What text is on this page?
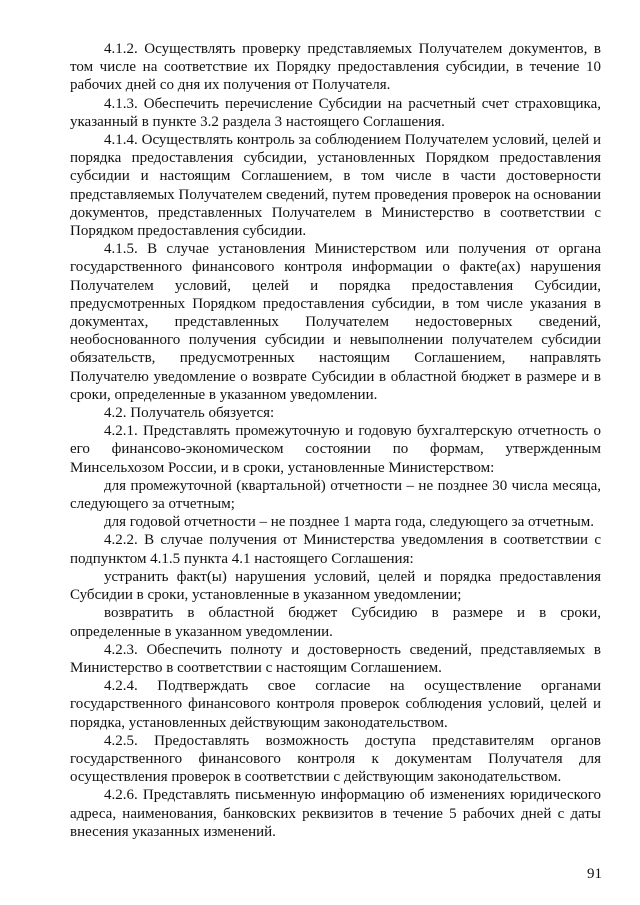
4.1.2. Осуществлять проверку представляемых Получателем документов, в том числе на соответствие их Порядку предоставления субсидии, в течение 10 рабочих дней со дня их получения от Получателя.

4.1.3. Обеспечить перечисление Субсидии на расчетный счет страховщика, указанный в пункте 3.2 раздела 3 настоящего Соглашения.

4.1.4. Осуществлять контроль за соблюдением Получателем условий, целей и порядка предоставления субсидии, установленных Порядком предоставления субсидии и настоящим Соглашением, в том числе в части достоверности представляемых Получателем сведений, путем проведения проверок на основании документов, представленных Получателем в Министерство в соответствии с Порядком предоставления субсидии.

4.1.5. В случае установления Министерством или получения от органа государственного финансового контроля информации о факте(ах) нарушения Получателем условий, целей и порядка предоставления Субсидии, предусмотренных Порядком предоставления субсидии, в том числе указания в документах, представленных Получателем недостоверных сведений, необоснованного получения субсидии и невыполнении получателем субсидии обязательств, предусмотренных настоящим Соглашением, направлять Получателю уведомление о возврате Субсидии в областной бюджет в размере и в сроки, определенные в указанном уведомлении.

4.2. Получатель обязуется:

4.2.1. Представлять промежуточную и годовую бухгалтерскую отчетность о его финансово-экономическом состоянии по формам, утвержденным Минсельхозом России, и в сроки, установленные Министерством:

для промежуточной (квартальной) отчетности – не позднее 30 числа месяца, следующего за отчетным;

для годовой отчетности – не позднее 1 марта года, следующего за отчетным.

4.2.2. В случае получения от Министерства уведомления в соответствии с подпунктом 4.1.5 пункта 4.1 настоящего Соглашения:

устранить факт(ы) нарушения условий, целей и порядка предоставления Субсидии в сроки, установленные в указанном уведомлении;

возвратить в областной бюджет Субсидию в размере и в сроки, определенные в указанном уведомлении.

4.2.3. Обеспечить полноту и достоверность сведений, представляемых в Министерство в соответствии с настоящим Соглашением.

4.2.4. Подтверждать свое согласие на осуществление органами государственного финансового контроля проверок соблюдения условий, целей и порядка, установленных действующим законодательством.

4.2.5. Предоставлять возможность доступа представителям органов государственного финансового контроля к документам Получателя для осуществления проверок в соответствии с действующим законодательством.

4.2.6. Представлять письменную информацию об изменениях юридического адреса, наименования, банковских реквизитов в течение 5 рабочих дней с даты внесения указанных изменений.

91
